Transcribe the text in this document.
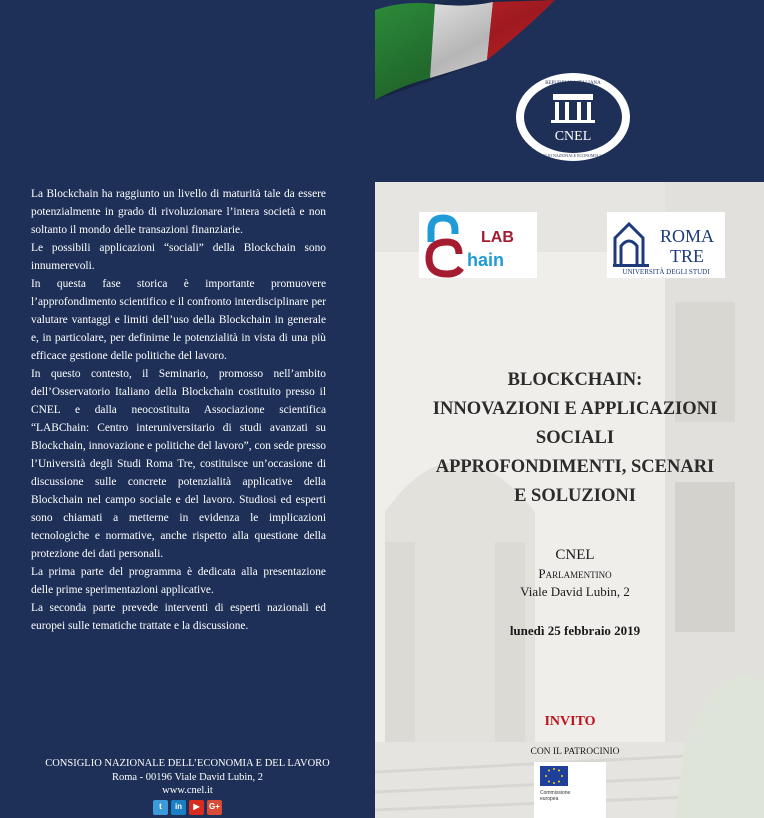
La Blockchain ha raggiunto un livello di maturità tale da essere potenzialmente in grado di rivoluzionare l’intera società e non soltanto il mondo delle transazioni finanziarie.

Le possibili applicazioni “sociali” della Blockchain sono innumerevoli.

In questa fase storica è importante promuovere l’approfondimento scientifico e il confronto interdisciplinare per valutare vantaggi e limiti dell’uso della Blockchain in generale e, in particolare, per definirne le potenzialità in vista di una più efficace gestione delle politiche del lavoro.

In questo contesto, il Seminario, promosso nell’ambito dell’Osservatorio Italiano della Blockchain costituito presso il CNEL e dalla neocostituita Associazione scientifica “LABChain: Centro interuniversitario di studi avanzati su Blockchain, innovazione e politiche del lavoro”, con sede presso l’Università degli Studi Roma Tre, costituisce un’occasione di discussione sulle concrete potenzialità applicative della Blockchain nel campo sociale e del lavoro. Studiosi ed esperti sono chiamati a metterne in evidenza le implicazioni tecnologiche e normative, anche rispetto alla questione della protezione dei dati personali.

La prima parte del programma è dedicata alla presentazione delle prime sperimentazioni applicative.

La seconda parte prevede interventi di esperti nazionali ed europei sulle tematiche trattate e la discussione.

CONSIGLIO NAZIONALE DELL’ECONOMIA E DEL LAVORO
Roma - 00196 Viale David Lubin, 2
www.cnel.it
t	in	▶	G+
CNEL
REPUBBLICA ITALIANA
CONSIGLIO NAZIONALE ECONOMIA LAVORO
LAB
hain
ROMA
TRE
UNIVERSITÀ DEGLI STUDI
BLOCKCHAIN:
INNOVAZIONI E APPLICAZIONI
SOCIALI
APPROFONDIMENTI, SCENARI
E SOLUZIONI
CNEL
Parlamentino
Viale David Lubin, 2
lunedì 25 febbraio 2019
INVITO
CON IL PATROCINIO
Commissione
europea
